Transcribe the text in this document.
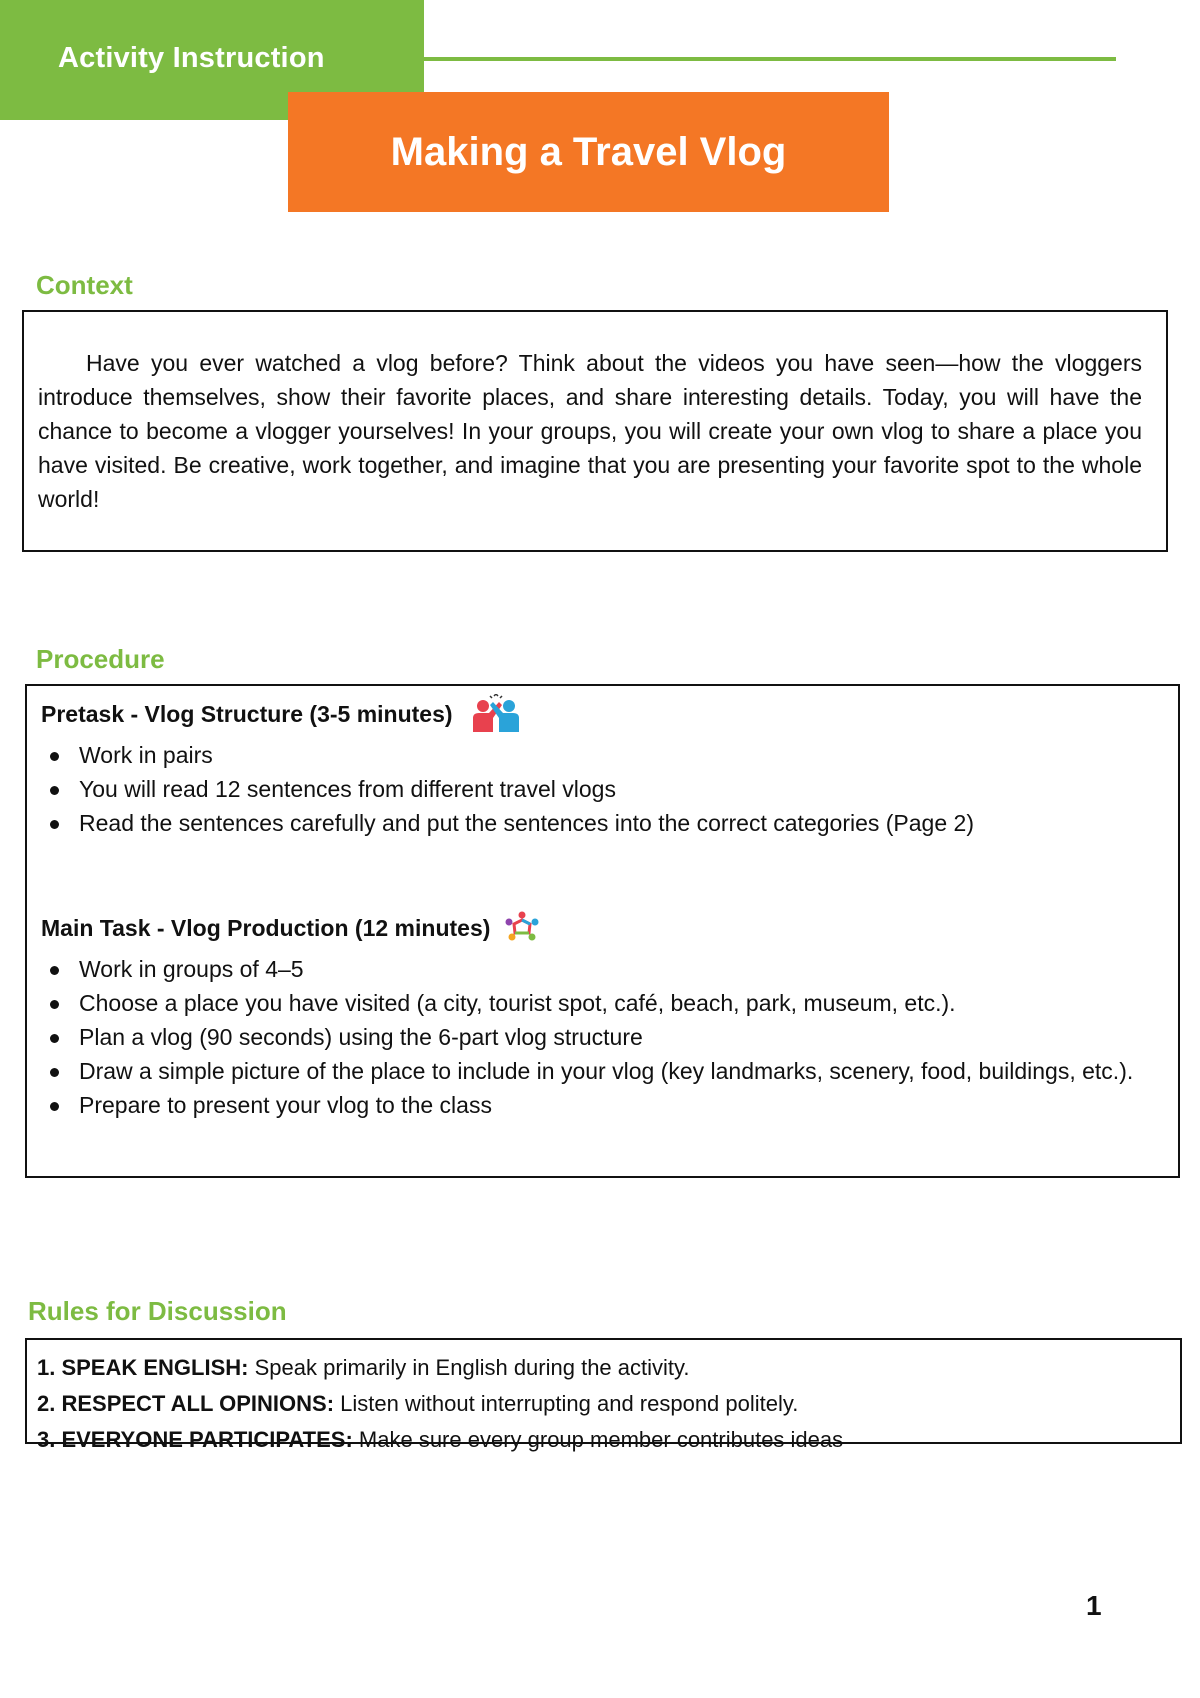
Activity Instruction
Making a Travel Vlog
Context

Have you ever watched a vlog before? Think about the videos you have seen—how the vloggers introduce themselves, show their favorite places, and share interesting details. Today, you will have the chance to become a vlogger yourselves! In your groups, you will create your own vlog to share a place you have visited. Be creative, work together, and imagine that you are presenting your favorite spot to the whole world!

Procedure
Pretask - Vlog Structure (3-5 minutes)
Work in pairs
You will read 12 sentences from different travel vlogs
Read the sentences carefully and put the sentences into the correct categories (Page 2)
Main Task - Vlog Production (12 minutes)
Work in groups of 4–5
Choose a place you have visited (a city, tourist spot, café, beach, park, museum, etc.).
Plan a vlog (90 seconds) using the 6-part vlog structure
Draw a simple picture of the place to include in your vlog (key landmarks, scenery, food, buildings, etc.).
Prepare to present your vlog to the class
Rules for Discussion
1. SPEAK ENGLISH: Speak primarily in English during the activity.
2. RESPECT ALL OPINIONS: Listen without interrupting and respond politely.
3. EVERYONE PARTICIPATES: Make sure every group member contributes ideas
1
